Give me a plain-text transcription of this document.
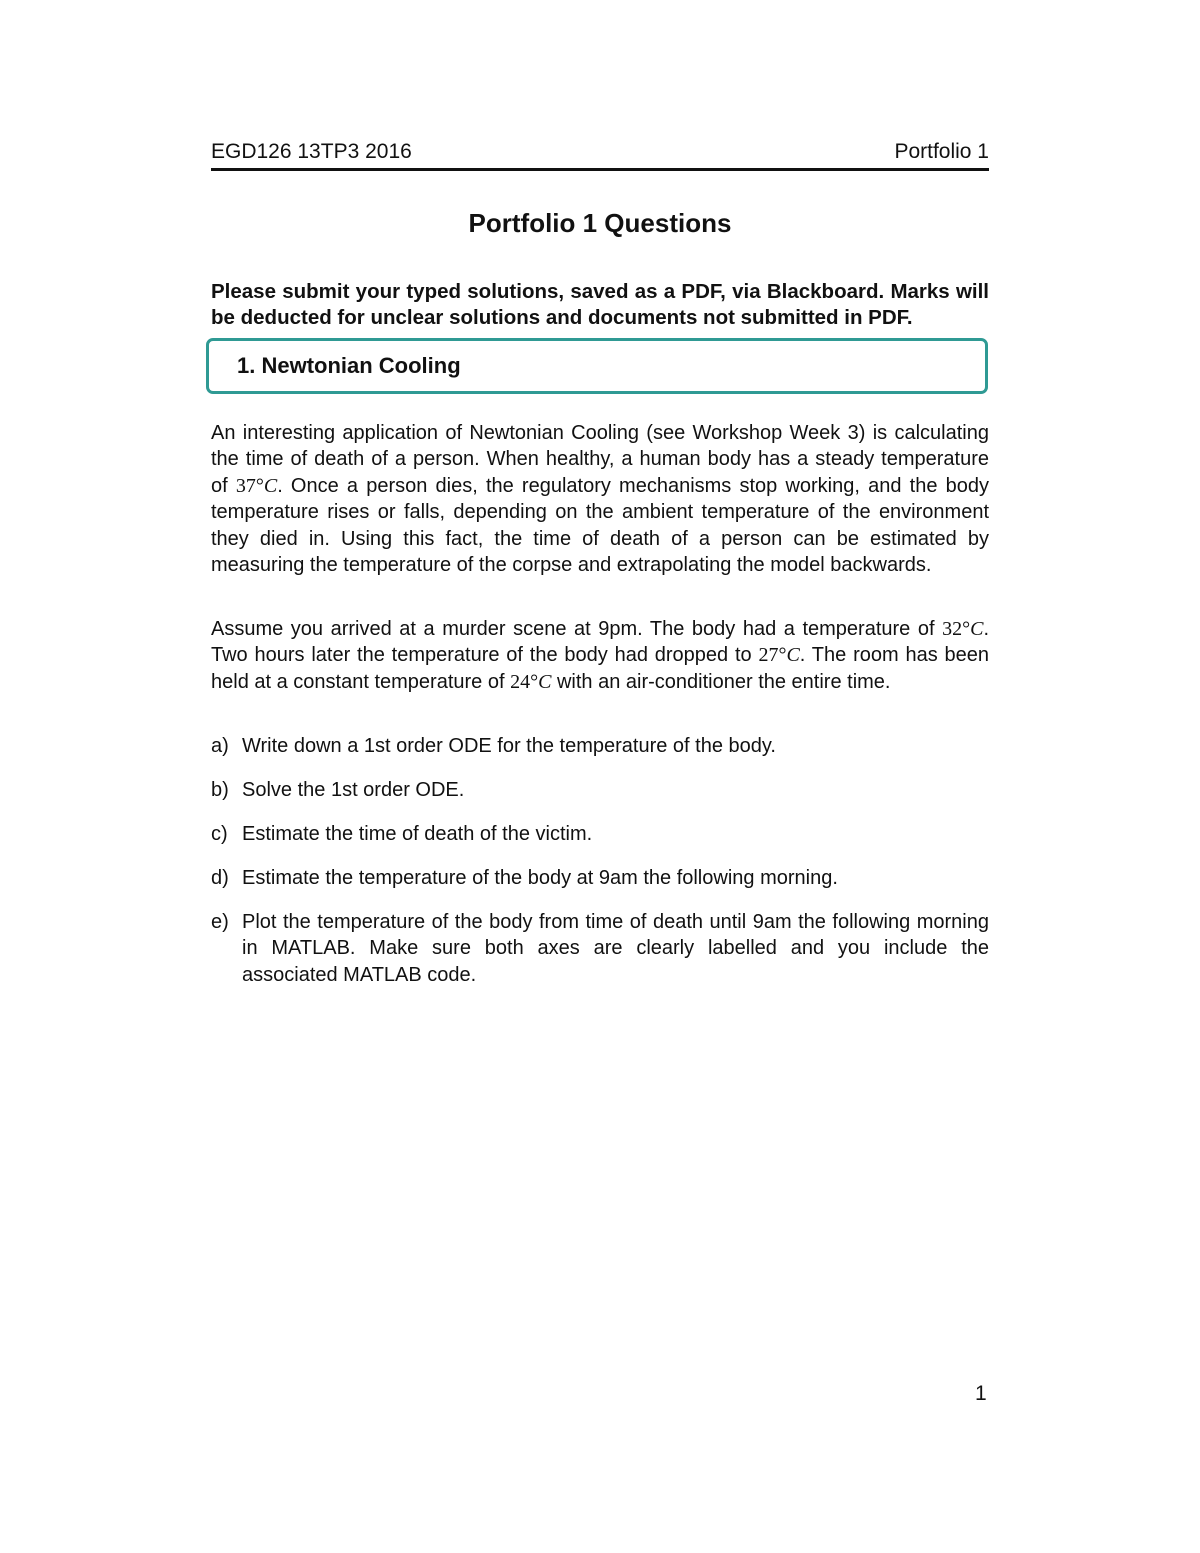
EGD126 13TP3 2016	Portfolio 1
Portfolio 1 Questions

Please submit your typed solutions, saved as a PDF, via Blackboard. Marks will be deducted for unclear solutions and documents not submitted in PDF.

1. Newtonian Cooling

An interesting application of Newtonian Cooling (see Workshop Week 3) is calculating the time of death of a person. When healthy, a human body has a steady temperature of 37°C. Once a person dies, the regulatory mechanisms stop working, and the body temperature rises or falls, depending on the ambient temperature of the environment they died in. Using this fact, the time of death of a person can be estimated by measuring the temperature of the corpse and extrapolating the model backwards.

Assume you arrived at a murder scene at 9pm. The body had a temperature of 32°C. Two hours later the temperature of the body had dropped to 27°C. The room has been held at a constant temperature of 24°C with an air-conditioner the entire time.

a) Write down a 1st order ODE for the temperature of the body.
b) Solve the 1st order ODE.
c) Estimate the time of death of the victim.
d) Estimate the temperature of the body at 9am the following morning.
e) Plot the temperature of the body from time of death until 9am the following morning in MATLAB. Make sure both axes are clearly labelled and you include the associated MATLAB code.
1
